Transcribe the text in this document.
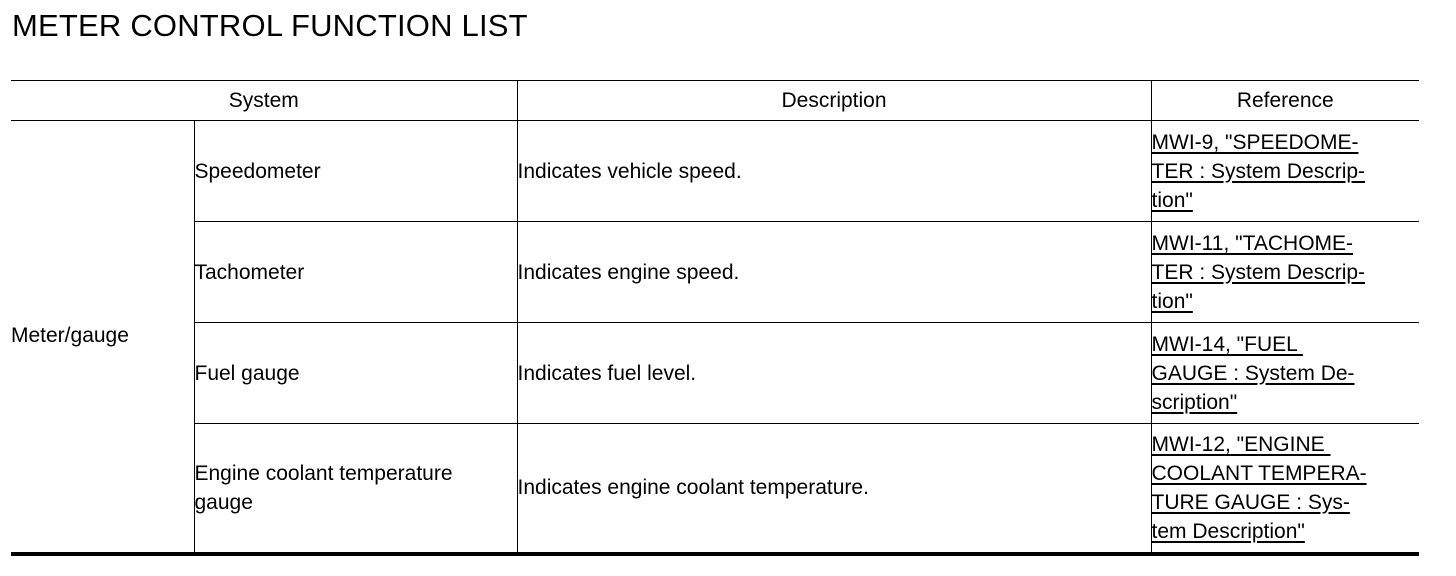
METER CONTROL FUNCTION LIST
System		Description	Reference
Meter/gauge	Speedometer	Indicates vehicle speed.	MWI-9, "SPEEDOME-
TER : System Descrip-
tion"

	Tachometer	Indicates engine speed.	MWI-11, "TACHOME-
TER : System Descrip-
tion"

	Fuel gauge	Indicates fuel level.	MWI-14, "FUEL
GAUGE : System De-
scription"

	Engine coolant temperature
gauge	Indicates engine coolant temperature.	MWI-12, "ENGINE
COOLANT TEMPERA-
TURE GAUGE : Sys-
tem Description"
